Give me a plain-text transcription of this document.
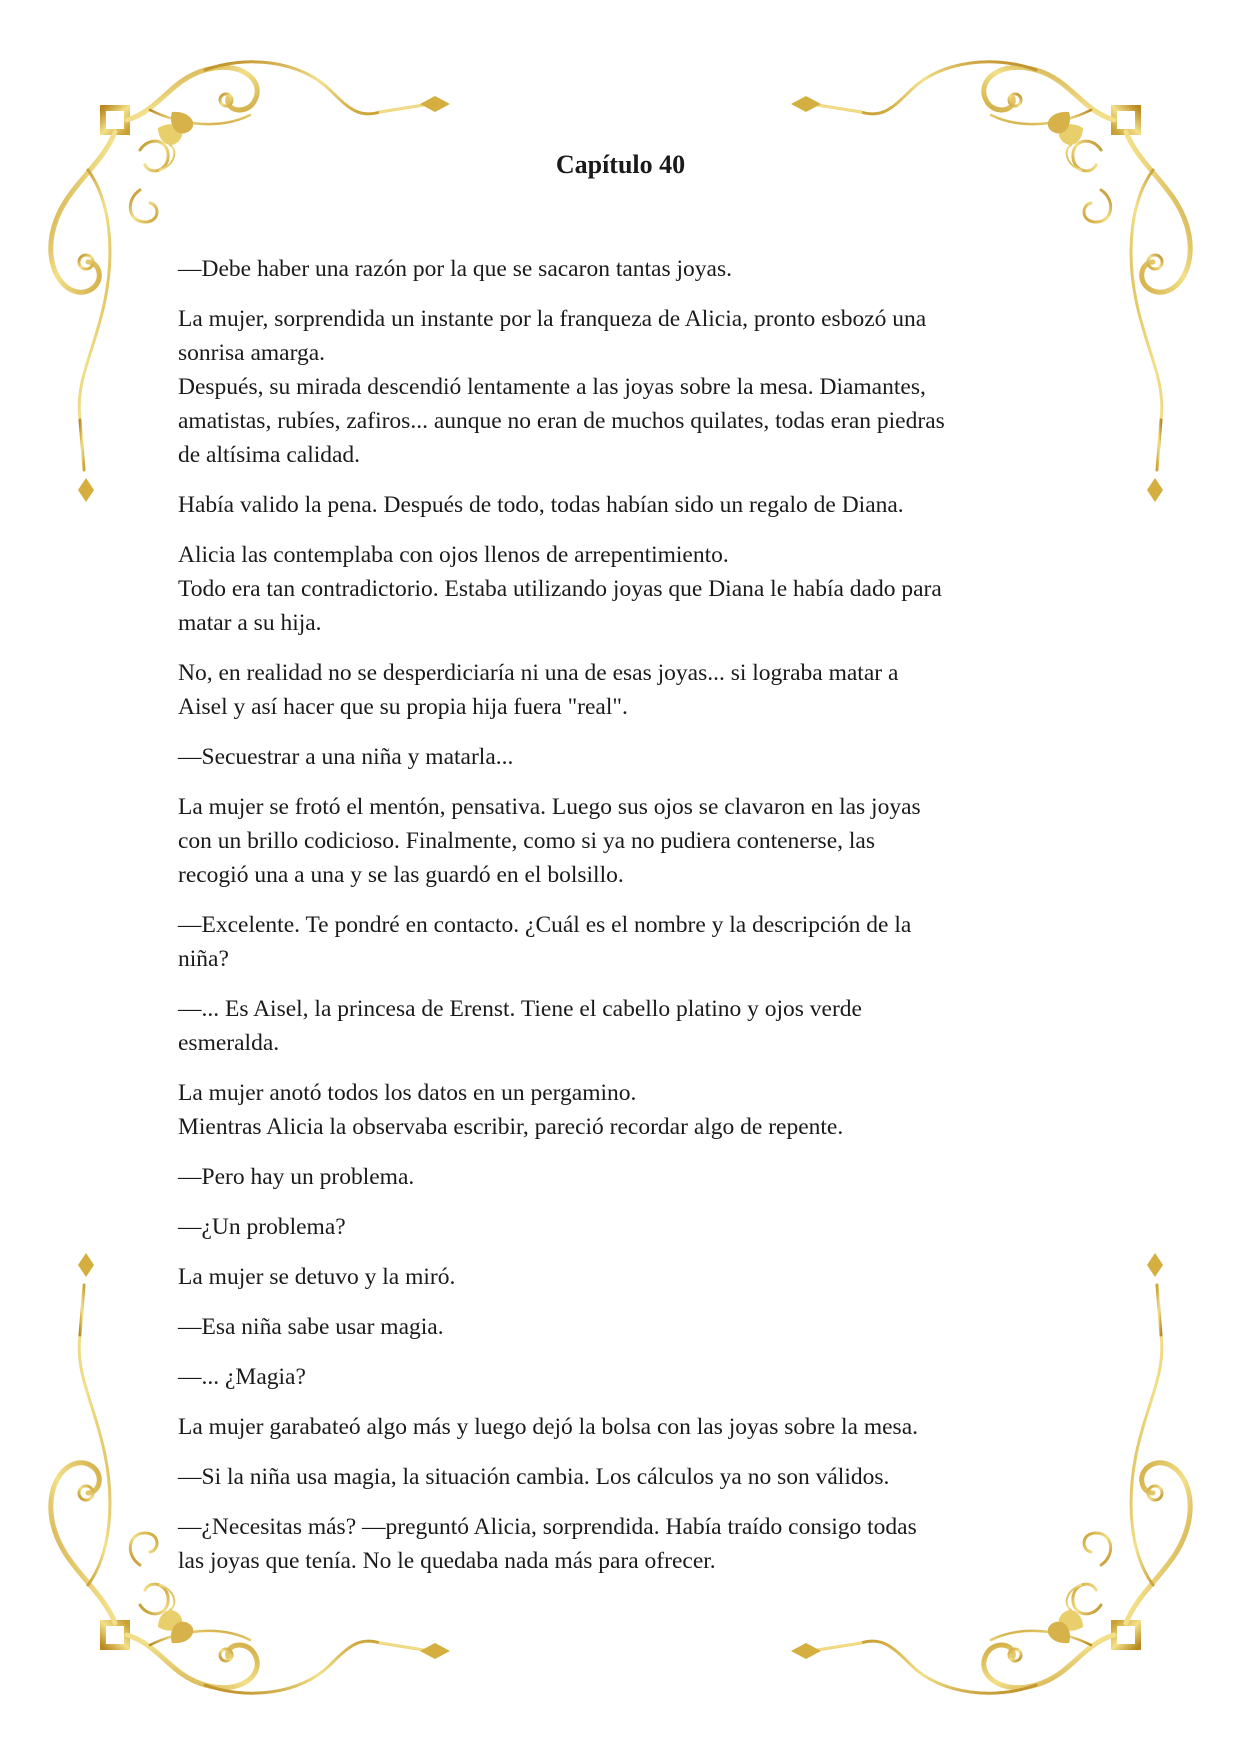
Capítulo 40

—Debe haber una razón por la que se sacaron tantas joyas.

La mujer, sorprendida un instante por la franqueza de Alicia, pronto esbozó una
sonrisa amarga.
Después, su mirada descendió lentamente a las joyas sobre la mesa. Diamantes,
amatistas, rubíes, zafiros... aunque no eran de muchos quilates, todas eran piedras
de altísima calidad.

Había valido la pena. Después de todo, todas habían sido un regalo de Diana.

Alicia las contemplaba con ojos llenos de arrepentimiento.
Todo era tan contradictorio. Estaba utilizando joyas que Diana le había dado para
matar a su hija.

No, en realidad no se desperdiciaría ni una de esas joyas... si lograba matar a
Aisel y así hacer que su propia hija fuera "real".

—Secuestrar a una niña y matarla...

La mujer se frotó el mentón, pensativa. Luego sus ojos se clavaron en las joyas
con un brillo codicioso. Finalmente, como si ya no pudiera contenerse, las
recogió una a una y se las guardó en el bolsillo.

—Excelente. Te pondré en contacto. ¿Cuál es el nombre y la descripción de la
niña?

—... Es Aisel, la princesa de Erenst. Tiene el cabello platino y ojos verde
esmeralda.

La mujer anotó todos los datos en un pergamino.
Mientras Alicia la observaba escribir, pareció recordar algo de repente.

—Pero hay un problema.

—¿Un problema?

La mujer se detuvo y la miró.

—Esa niña sabe usar magia.

—... ¿Magia?

La mujer garabateó algo más y luego dejó la bolsa con las joyas sobre la mesa.

—Si la niña usa magia, la situación cambia. Los cálculos ya no son válidos.

—¿Necesitas más? —preguntó Alicia, sorprendida. Había traído consigo todas
las joyas que tenía. No le quedaba nada más para ofrecer.
